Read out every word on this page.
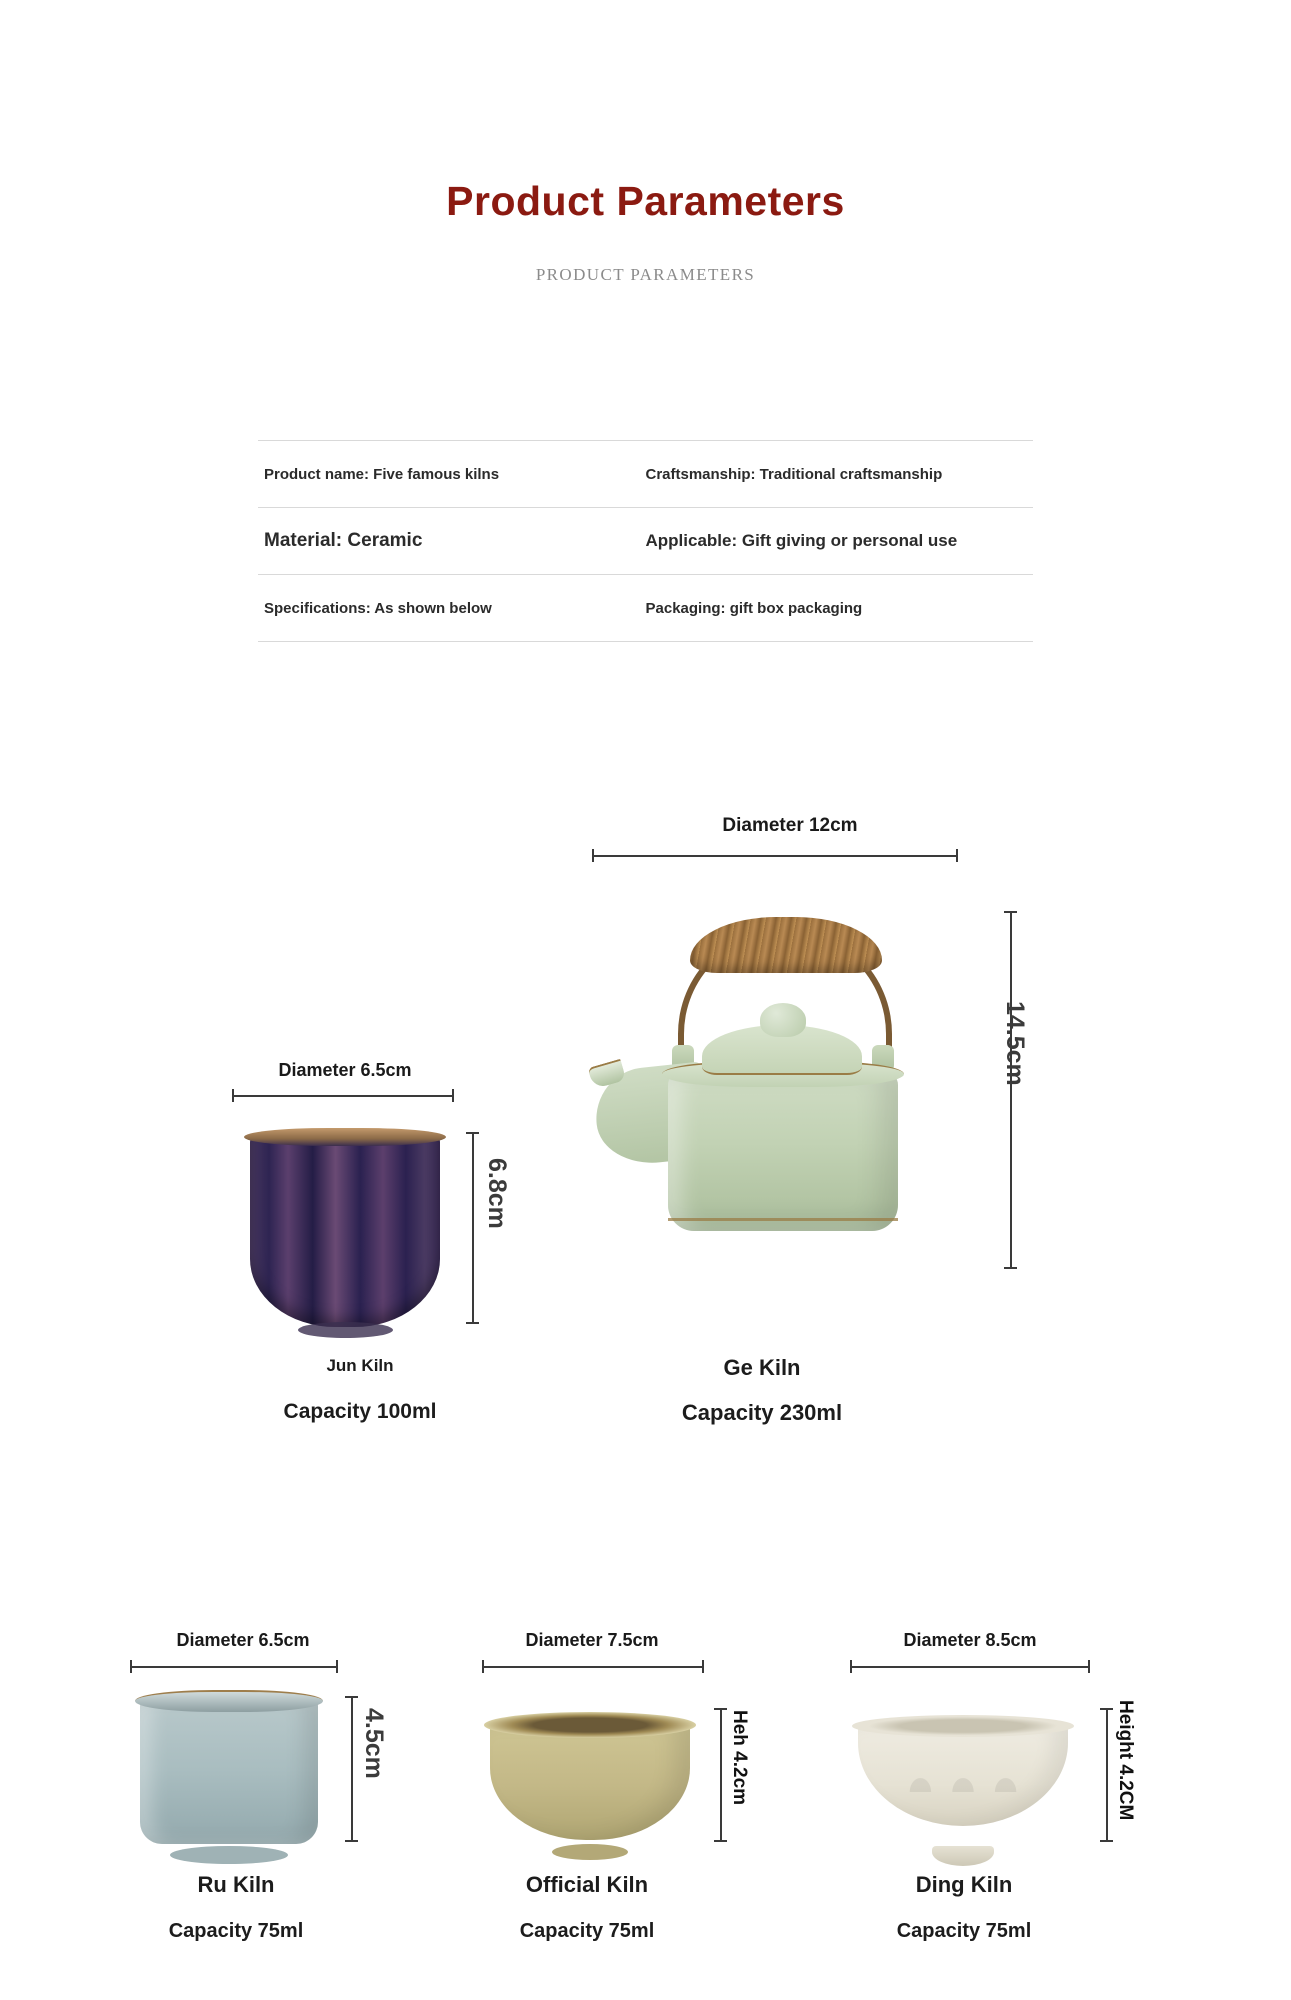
Product Parameters
PRODUCT PARAMETERS
Product name: Five famous kilns	Craftsmanship: Traditional craftsmanship
Material: Ceramic	Applicable: Gift giving or personal use
Specifications: As shown below	Packaging: gift box packaging
Diameter 6.5cm
6.8cm
Jun Kiln
Capacity 100ml
Diameter 12cm
14.5cm
Ge Kiln
Capacity 230ml
Diameter 6.5cm
4.5cm
Ru Kiln
Capacity 75ml
Diameter 7.5cm
Heh 4.2cm
Official Kiln
Capacity 75ml
Diameter 8.5cm
Height 4.2CM
Ding Kiln
Capacity 75ml
